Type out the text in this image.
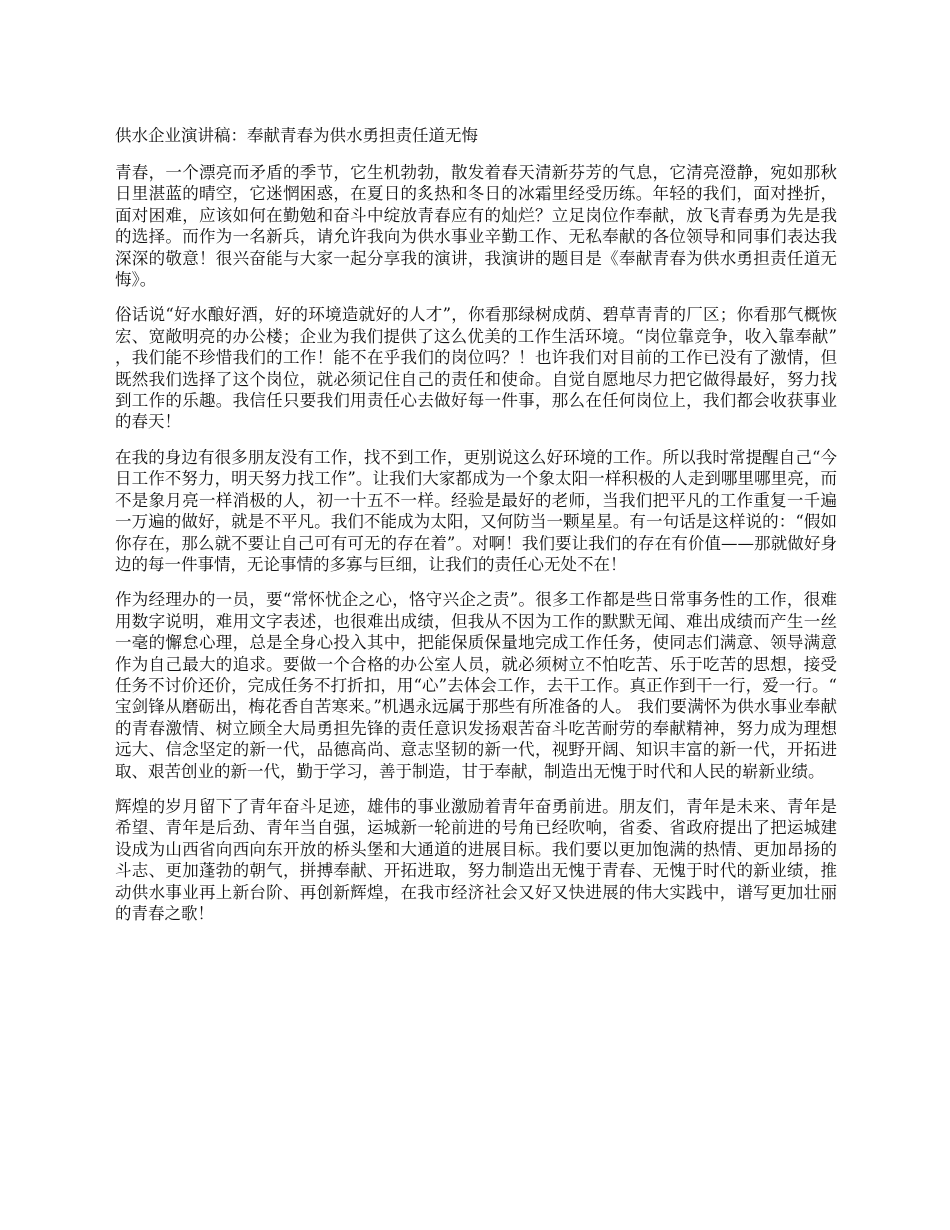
供水企业演讲稿：奉献青春为供水勇担责任道无悔

青春，一个漂亮而矛盾的季节，它生机勃勃，散发着春天清新芬芳的气息，它清亮澄静，宛如那秋日里湛蓝的晴空，它迷惘困惑，在夏日的炙热和冬日的冰霜里经受历练。年轻的我们，面对挫折，面对困难，应该如何在勤勉和奋斗中绽放青春应有的灿烂？立足岗位作奉献，放飞青春勇为先是我的选择。而作为一名新兵，请允许我向为供水事业辛勤工作、无私奉献的各位领导和同事们表达我深深的敬意！很兴奋能与大家一起分享我的演讲，我演讲的题目是《奉献青春为供水勇担责任道无悔》。

俗话说“好水酿好酒，好的环境造就好的人才”，你看那绿树成荫、碧草青青的厂区；你看那气概恢宏、宽敞明亮的办公楼；企业为我们提供了这么优美的工作生活环境。“岗位靠竞争，收入靠奉献”，我们能不珍惜我们的工作！能不在乎我们的岗位吗？！也许我们对目前的工作已没有了激情，但既然我们选择了这个岗位，就必须记住自己的责任和使命。自觉自愿地尽力把它做得最好，努力找到工作的乐趣。我信任只要我们用责任心去做好每一件事，那么在任何岗位上，我们都会收获事业的春天！

在我的身边有很多朋友没有工作，找不到工作，更别说这么好环境的工作。所以我时常提醒自己“今日工作不努力，明天努力找工作”。让我们大家都成为一个象太阳一样积极的人走到哪里哪里亮，而不是象月亮一样消极的人，初一十五不一样。经验是最好的老师，当我们把平凡的工作重复一千遍一万遍的做好，就是不平凡。我们不能成为太阳，又何防当一颗星星。有一句话是这样说的：“假如你存在，那么就不要让自己可有可无的存在着”。对啊！我们要让我们的存在有价值——那就做好身边的每一件事情，无论事情的多寡与巨细，让我们的责任心无处不在！

作为经理办的一员，要“常怀忧企之心，恪守兴企之责”。很多工作都是些日常事务性的工作，很难用数字说明，难用文字表述，也很难出成绩，但我从不因为工作的默默无闻、难出成绩而产生一丝一毫的懈怠心理，总是全身心投入其中，把能保质保量地完成工作任务，使同志们满意、领导满意作为自己最大的追求。要做一个合格的办公室人员，就必须树立不怕吃苦、乐于吃苦的思想，接受任务不讨价还价，完成任务不打折扣，用“心”去体会工作，去干工作。真正作到干一行，爱一行。“宝剑锋从磨砺出，梅花香自苦寒来。”机遇永远属于那些有所准备的人。 我们要满怀为供水事业奉献的青春激情、树立顾全大局勇担先锋的责任意识发扬艰苦奋斗吃苦耐劳的奉献精神，努力成为理想远大、信念坚定的新一代，品德高尚、意志坚韧的新一代，视野开阔、知识丰富的新一代，开拓进取、艰苦创业的新一代，勤于学习，善于制造，甘于奉献，制造出无愧于时代和人民的崭新业绩。

辉煌的岁月留下了青年奋斗足迹，雄伟的事业激励着青年奋勇前进。朋友们，青年是未来、青年是希望、青年是后劲、青年当自强，运城新一轮前进的号角已经吹响，省委、省政府提出了把运城建设成为山西省向西向东开放的桥头堡和大通道的进展目标。我们要以更加饱满的热情、更加昂扬的斗志、更加蓬勃的朝气，拼搏奉献、开拓进取，努力制造出无愧于青春、无愧于时代的新业绩，推动供水事业再上新台阶、再创新辉煌，在我市经济社会又好又快进展的伟大实践中，谱写更加壮丽的青春之歌！
